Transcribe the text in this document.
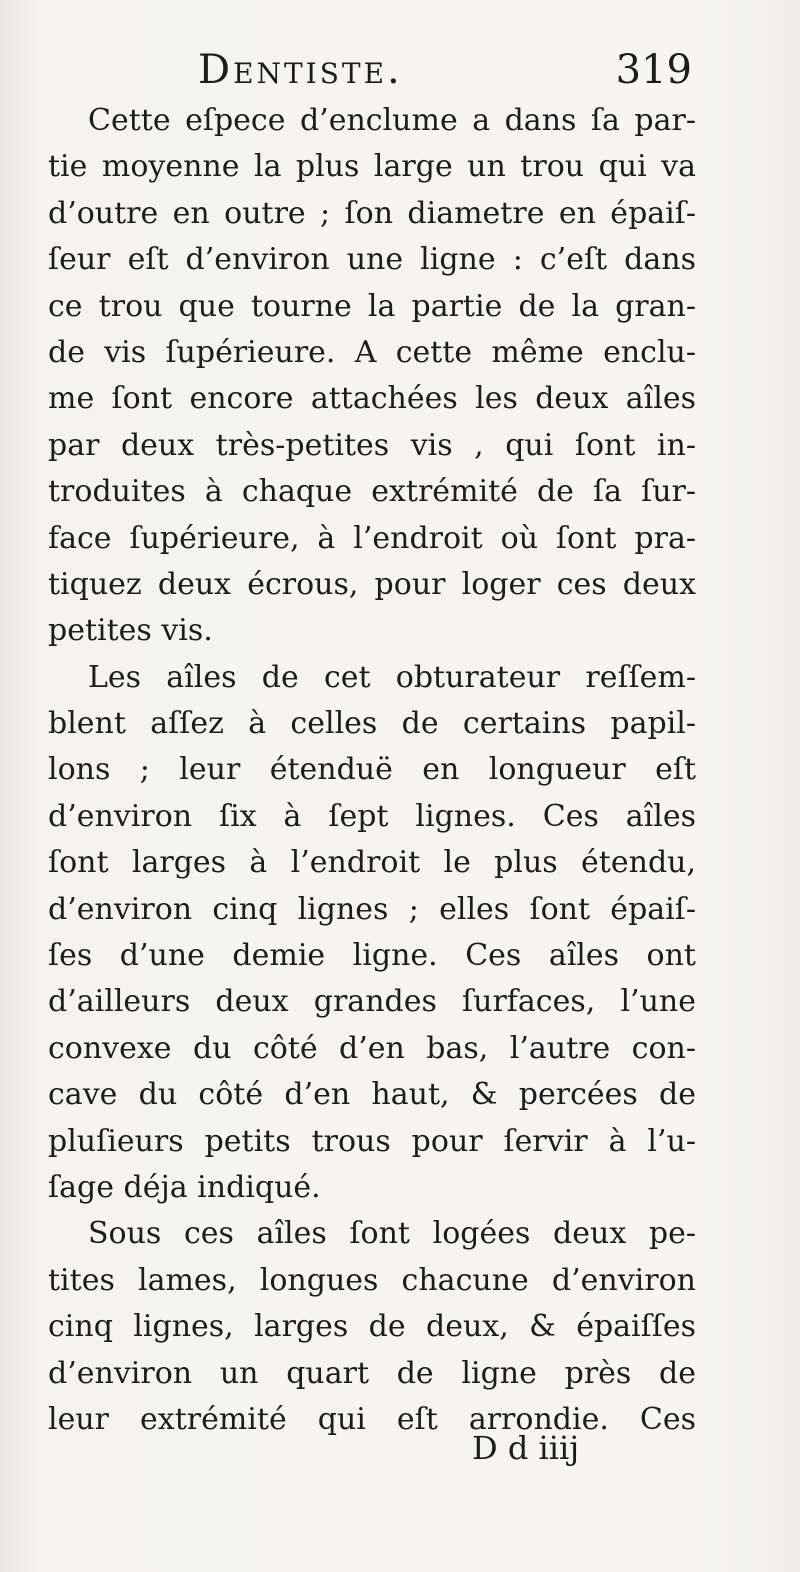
Dentiste.	319
Cette eſpece d’enclume a dans ſa par-
tie moyenne la plus large un trou qui va
d’outre en outre ; ſon diametre en épaiſ-
ſeur eſt d’environ une ligne : c’eſt dans
ce trou que tourne la partie de la gran-
de vis ſupérieure. A cette même enclu-
me ſont encore attachées les deux aîles
par deux très-petites vis , qui ſont in-
troduites à chaque extrémité de ſa ſur-
face ſupérieure, à l’endroit où ſont pra-
tiquez deux écrous, pour loger ces deux
petites vis.
Les aîles de cet obturateur reſſem-
blent aſſez à celles de certains papil-
lons ; leur étenduë en longueur eſt
d’environ ſix à ſept lignes. Ces aîles
ſont larges à l’endroit le plus étendu,
d’environ cinq lignes ; elles ſont épaiſ-
ſes d’une demie ligne. Ces aîles ont
d’ailleurs deux grandes ſurfaces, l’une
convexe du côté d’en bas, l’autre con-
cave du côté d’en haut, & percées de
pluſieurs petits trous pour ſervir à l’u-
ſage déja indiqué.
Sous ces aîles ſont logées deux pe-
tites lames, longues chacune d’environ
cinq lignes, larges de deux, & épaiſſes
d’environ un quart de ligne près de
leur extrémité qui eſt arrondie. Ces
D d iiij
